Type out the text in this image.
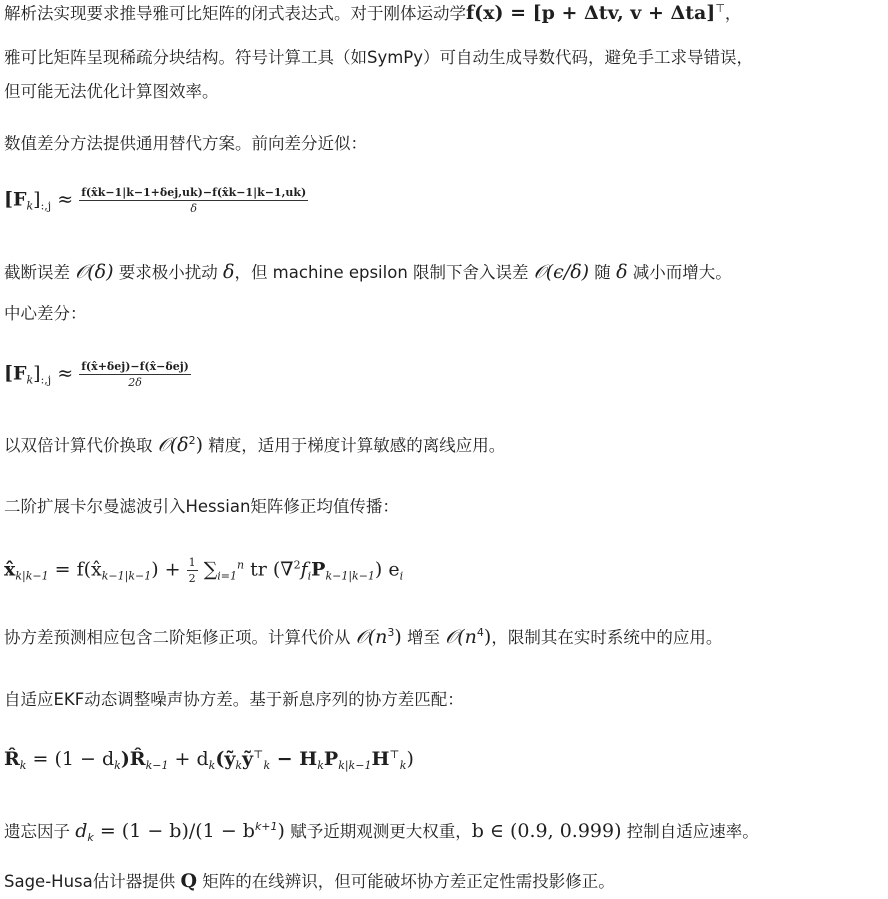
解析法实现要求推导雅可比矩阵的闭式表达式。对于刚体运动学f(x) = [p + Δtv, v + Δta]⊤，
雅可比矩阵呈现稀疏分块结构。符号计算工具（如SymPy）可自动生成导数代码，避免手工求导错误，
但可能无法优化计算图效率。
数值差分方法提供通用替代方案。前向差分近似：
$[F_k]_{:,j} \approx \frac{\text{f(x̂k−1|k−1+δej,uk)−f(x̂k−1|k−1,uk)}}{\delta}$
截断误差 𝒪(δ) 要求极小扰动 δ，但 machine epsilon 限制下舍入误差 𝒪(ϵ/δ) 随 δ 减小而增大。
中心差分：
$[F_k]_{:,j} \approx \frac{\text{f(x̂+δej)−f(x̂−δej)}}{2\delta}$
以双倍计算代价换取 $𝒪(\delta^2)$ 精度，适用于梯度计算敏感的离线应用。
二阶扩展卡尔曼滤波引入Hessian矩阵修正均值传播：
$x̂_{k|k-1}$ = $f(x̂_{k-1|k-1}) + \frac{1}{2} \sum_{i=1}^n$ tr $(\nabla^2f_iP_{k-1|k-1})$ $e_i$
协方差预测相应包含二阶矩修正项。计算代价从 $𝒪(n^3)$ 增至 $𝒪(n^4)$，限制其在实时系统中的应用。
自适应EKF动态调整噪声协方差。基于新息序列的协方差匹配：
$R̂_k = (1$ − $d_k)R̂_{k-1}$ + $d_k(ỹ_kỹ^⊤_k - H_kP_{k|k-1}H^⊤_k)$
遗忘因子 $d_k = (1 - b)/(1 - b^{k+1})$ 赋予近期观测更大权重，b ∈ (0.9, 0.999) 控制自适应速率。
Sage-Husa估计器提供 Q 矩阵的在线辨识，但可能破坏协方差正定性需投影修正。
